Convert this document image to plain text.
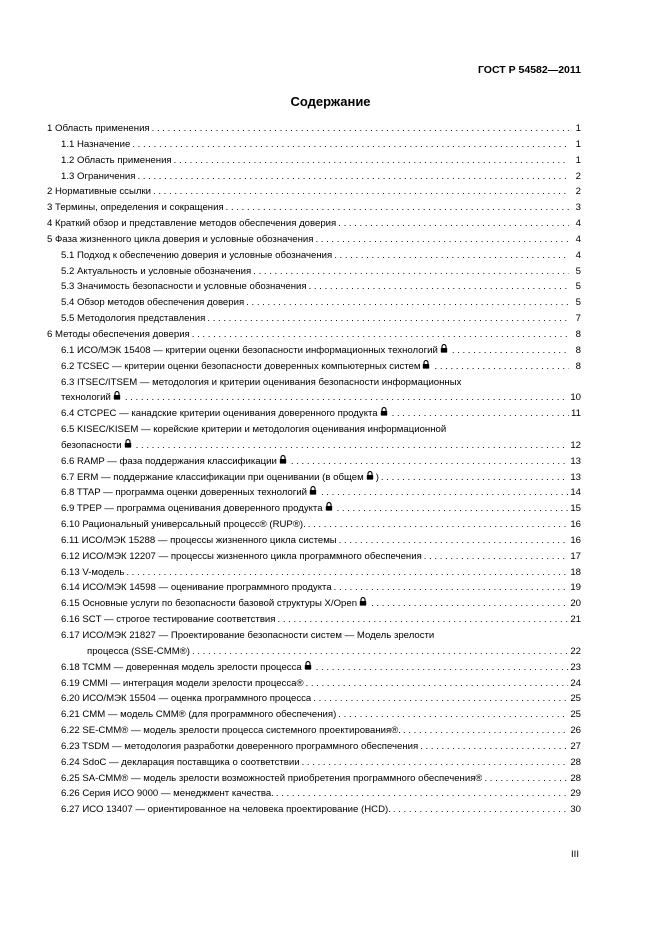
ГОСТ Р 54582—2011
Содержание
1 Область применения . . .	1
1.1 Назначение . . .	1
1.2 Область применения . . .	1
1.3 Ограничения . . .	2
2 Нормативные ссылки . . .	2
3 Термины, определения и сокращения . . .	3
4 Краткий обзор и представление методов обеспечения доверия . . .	4
5 Фаза жизненного цикла доверия и условные обозначения . . .	4
5.1 Подход к обеспечению доверия и условные обозначения . . .	4
5.2 Актуальность и условные обозначения . . .	5
5.3 Значимость безопасности и условные обозначения . . .	5
5.4 Обзор методов обеспечения доверия . . .	5
5.5 Методология представления . . .	7
6 Методы обеспечения доверия . . .	8
6.1 ИСО/МЭК 15408 — критерии оценки безопасности информационных технологий . . .	8
6.2 TCSEC — критерии оценки безопасности доверенных компьютерных систем . . .	8
6.3 ITSEC/ITSEM — методология и критерии оценивания безопасности информационных
технологий . . .	10
6.4 CTCPEC — канадские критерии оценивания доверенного продукта . . .	11
6.5 KISEC/KISEM — корейские критерии и методология оценивания информационной
безопасности . . .	12
6.6 RAMP — фаза поддержания классификации . . .	13
6.7 ERM — поддержание классификации при оценивании (в общем ) . . .	13
6.8 TTAP — программа оценки доверенных технологий . . .	14
6.9 TPEP — программа оценивания доверенного продукта . . .	15
6.10 Рациональный универсальный процесс® (RUP®). . . .	16
6.11 ИСО/МЭК 15288 — процессы жизненного цикла системы . . .	16
6.12 ИСО/МЭК 12207 — процессы жизненного цикла программного обеспечения . . .	17
6.13 V-модель . . .	18
6.14 ИСО/МЭК 14598 — оценивание программного продукта . . .	19
6.15 Основные услуги по безопасности базовой структуры X/Open . . .	20
6.16 SCT — строгое тестирование соответствия . . .	21
6.17 ИСО/МЭК 21827 — Проектирование безопасности систем — Модель зрелости
процесса (SSE-CMM®) . . .	22
6.18 TCMM — доверенная модель зрелости процесса . . .	23
6.19 CMMI — интеграция модели зрелости процесса® . . .	24
6.20 ИСО/МЭК 15504 — оценка программного процесса . . .	25
6.21 CMM — модель CMM® (для программного обеспечения) . . .	25
6.22 SE-CMM® — модель зрелости процесса системного проектирования®. . . .	26
6.23 TSDM — методология разработки доверенного программного обеспечения . . .	27
6.24 SdoC — декларация поставщика о соответствии . . .	28
6.25 SA-CMM® — модель зрелости возможностей приобретения программного обеспечения® . . .	28
6.26 Серия ИСО 9000 — менеджмент качества. . . .	29
6.27 ИСО 13407 — ориентированное на человека проектирование (HCD). . . .	30
III
